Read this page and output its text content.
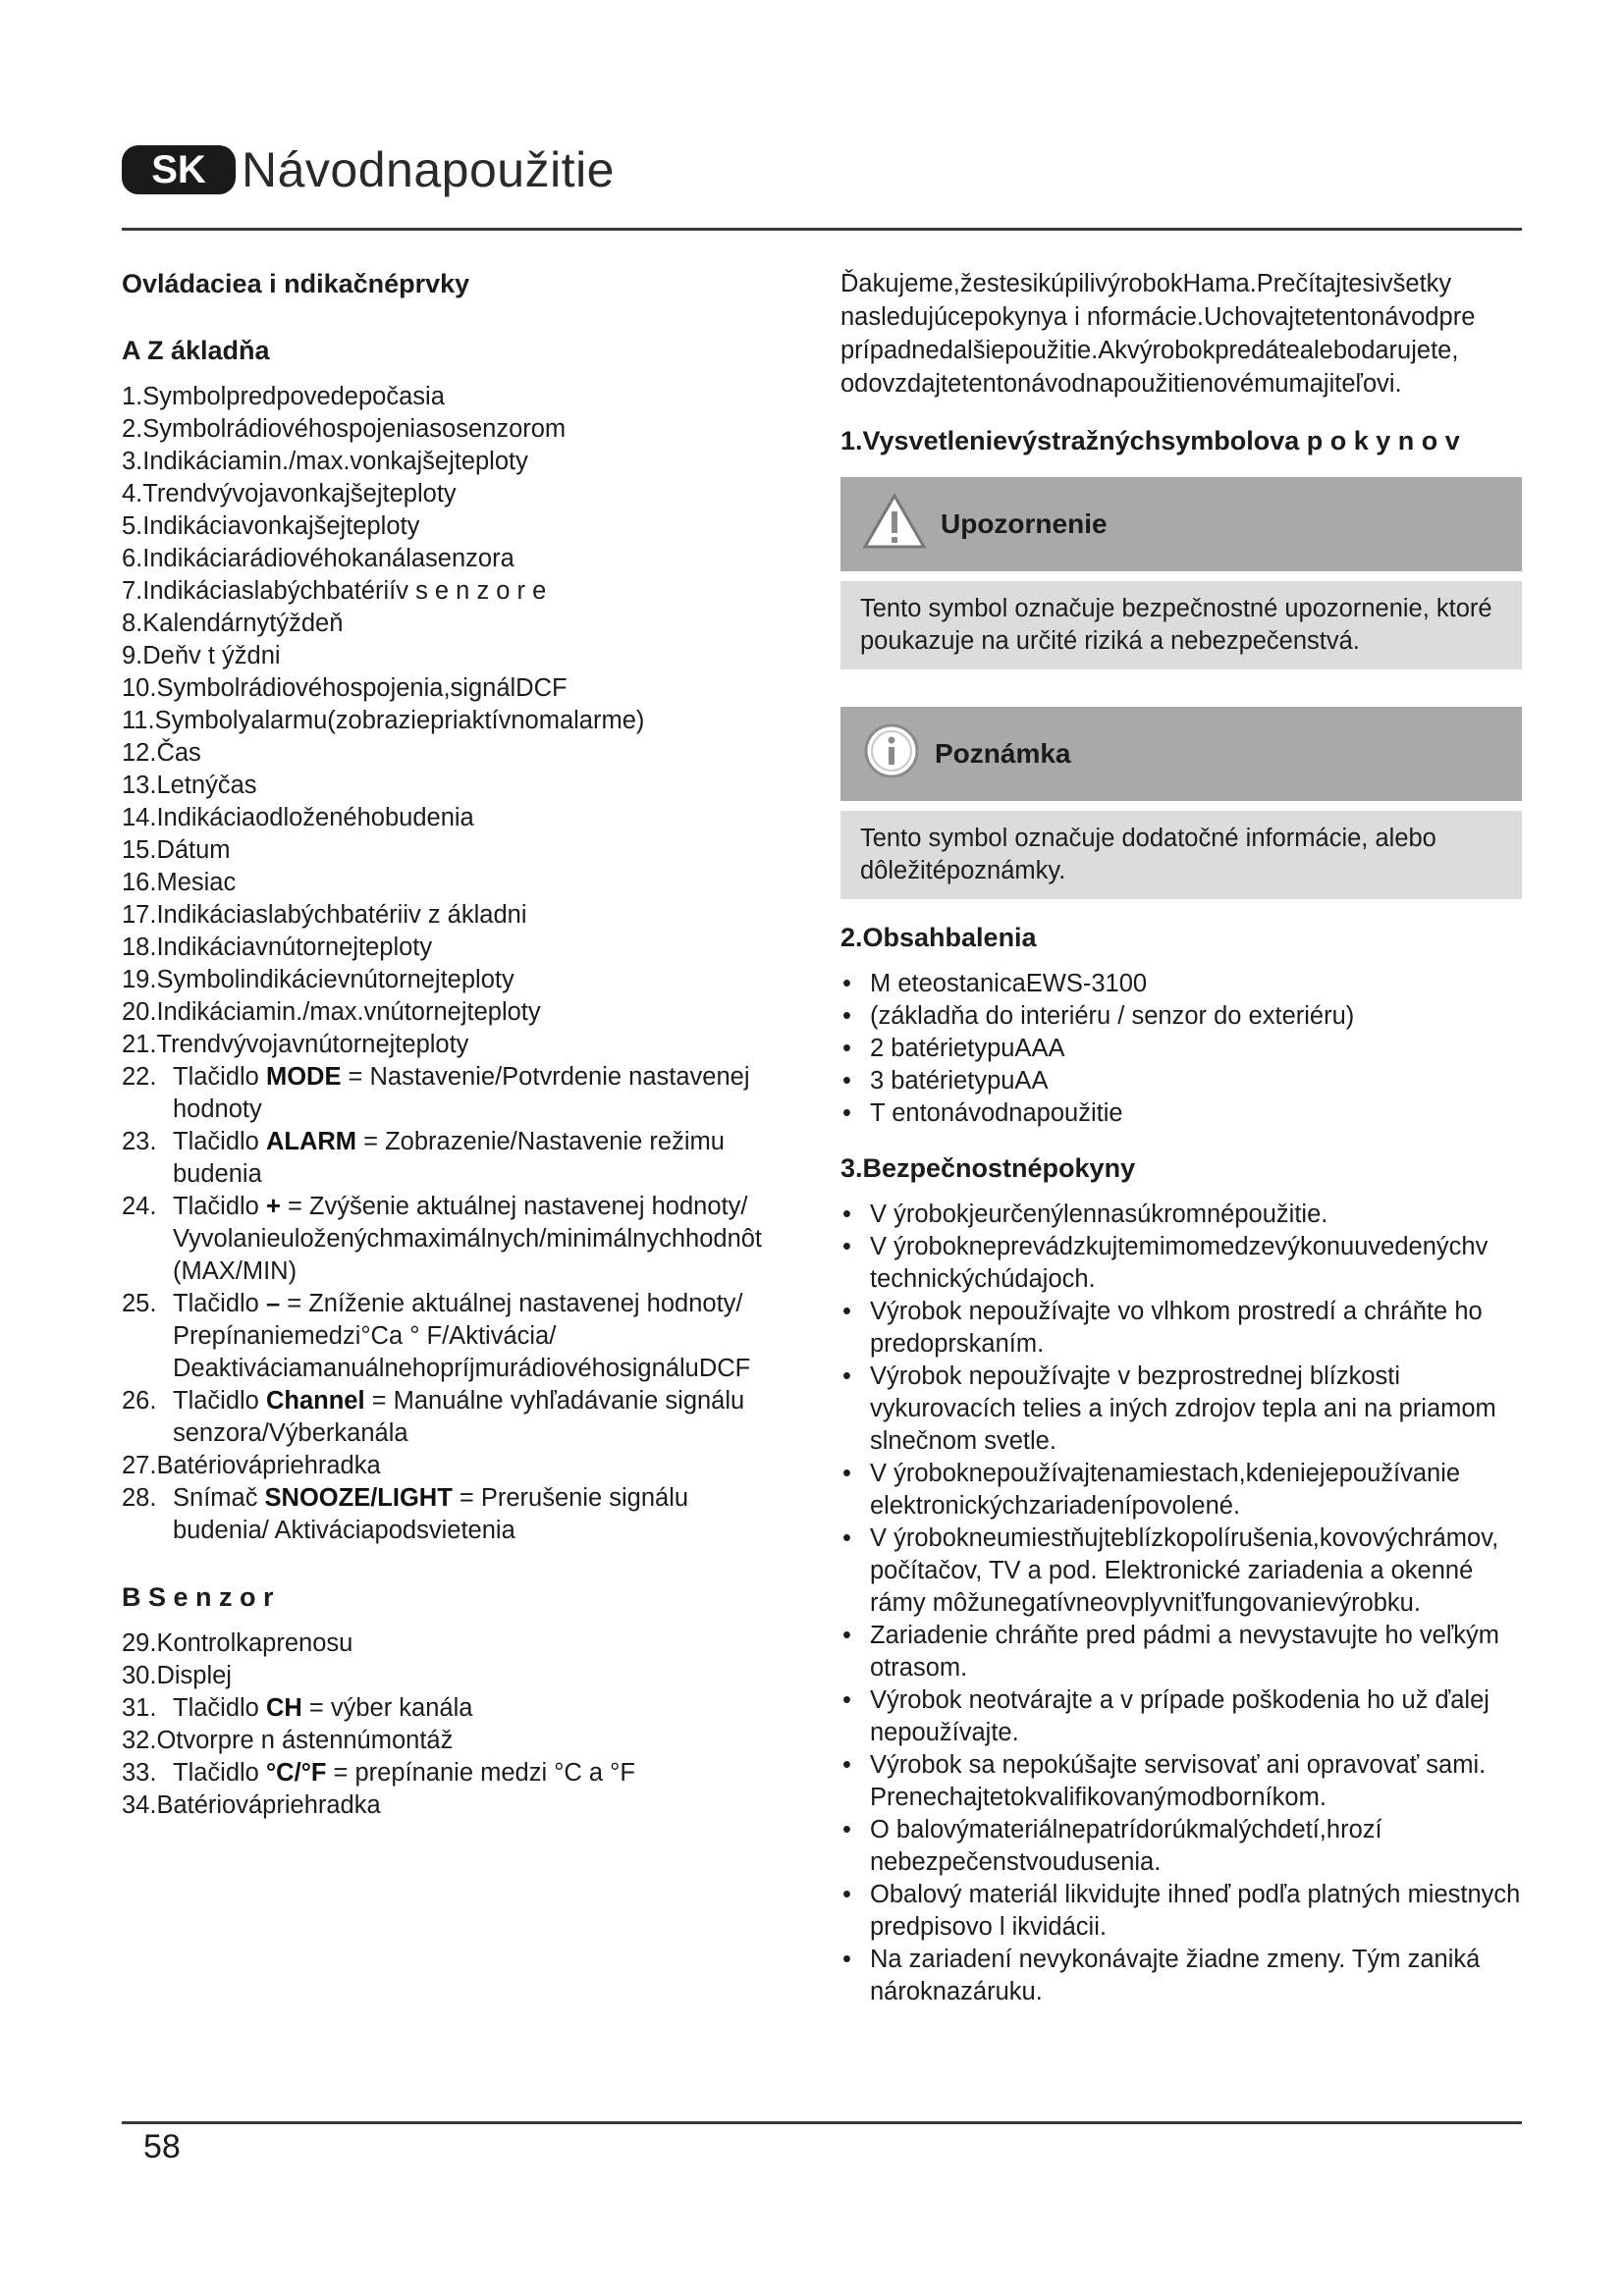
SK Návodnapoužitie
Ovládaciea i ndikačnéprvky
A Z ákladňa
1.Symbolpredpovedepočasia
2.Symbolrádiovéhospojeniasosenzorom
3.Indikáciamin./max.vonkajšejteploty
4.Trendvývojavonkajšejteploty
5.Indikáciavonkajšejteploty
6.Indikáciarádiovéhokanálasenzora
7.Indikáciaslabýchbatériív s e n z o r e
8.Kalendárnytýždeň
9.Deňv t ýždni
10.Symbolrádiovéhospojenia,signálDCF
11.Symbolyalarmu(zobraziepriaktívnomalarme)
12.Čas
13.Letnýčas
14.Indikáciaodloženéhobudenia
15.Dátum
16.Mesiac
17.Indikáciaslabýchbatériiv z ákladni
18.Indikáciavnútornejteploty
19.Symbolindikácievnútornejteploty
20.Indikáciamin./max.vnútornejteploty
21.Trendvývojavnútornejteploty
22. Tlačidlo MODE = Nastavenie/Potvrdenie nastavenej hodnoty
23. Tlačidlo ALARM = Zobrazenie/Nastavenie režimu budenia
24. Tlačidlo + = Zvýšenie aktuálnej nastavenej hodnoty/
Vyvolanieuloženýchmaximálnych/minimálnychhodnôt (MAX/MIN)
25. Tlačidlo – = Zníženie aktuálnej nastavenej hodnoty/
Prepínaniemedzi°Ca ° F/Aktivácia/
DeaktiváciamanuálnehopríjmurádiovéhosignáluDCF
26. Tlačidlo Channel = Manuálne vyhľadávanie signálu senzora/Výberkanála
27.Batériovápriehradka
28. Snímač SNOOZE/LIGHT = Prerušenie signálu budenia/ Aktiváciapodsvietenia
B S e n z o r
29.Kontrolkaprenosu
30.Displej
31. Tlačidlo CH = výber kanála
32.Otvorpre n ástennúmontáž
33. Tlačidlo °C/°F = prepínanie medzi °C a °F
34.Batériovápriehradka
Ďakujeme,žestesikúpilivýrobokHama.Prečítajtesivšetky nasledujúcepokynya i nformácie.Uchovajtetentonávodpre prípadnedalšiepoužitie.Akvýrobokpredátealebodarujete, odovzdajtetentonávodnapoužitienovémumajiteľovi.
1.Vysvetlenievýstražnýchsymbolova p o k y n o v
Upozornenie
Tento symbol označuje bezpečnostné upozornenie, ktoré poukazuje na určité riziká a nebezpečenstvá.
Poznámka
Tento symbol označuje dodatočné informácie, alebo dôležitépoznámky.
2.Obsahbalenia
• M eteostanicaEWS-3100
• (základňa do interiéru / senzor do exteriéru)
• 2 batérietypuAAA
• 3 batérietypuAA
• T entonávodnapoužitie
3.Bezpečnostnépokyny
• V ýrobokjeurčenýlennasúkromnépoužitie.
• V ýrobokneprevádzkujtemimomedzevýkonuuvedenýchv technickýchúdajoch.
• Výrobok nepoužívajte vo vlhkom prostredí a chráňte ho predoprskaním.
• Výrobok nepoužívajte v bezprostrednej blízkosti vykurovacích telies a iných zdrojov tepla ani na priamom slnečnom svetle.
• V ýrobokneроužívajtenamiestach,kdeniejepoužívanie elektronickýchzariadenípovolené.
• V ýrobokneumiestňujteblízkopolírušenia,kovovýchrámov, počítačov, TV a pod. Elektronické zariadenia a okenné rámy môžunegatívneovplyvniťfungovanievýrobku.
• Zariadenie chráňte pred pádmi a nevystavujte ho veľkým otrasom.
• Výrobok neotvárajte a v prípade poškodenia ho už ďalej nepoužívajte.
• Výrobok sa nepokúšajte servisovať ani opravovať sami. Prenechajtetokvalifikovanýmodborníkom.
• O balovýmateriálnepatrídorúkmalýchdetí,hrozí nebezpečenstvoudusenia.
• Obalový materiál likvidujte ihneď podľa platných miestnych predpisovo l ikvidácii.
• Na zariadení nevykonávajte žiadne zmeny. Tým zaniká nároknazáruku.
58
